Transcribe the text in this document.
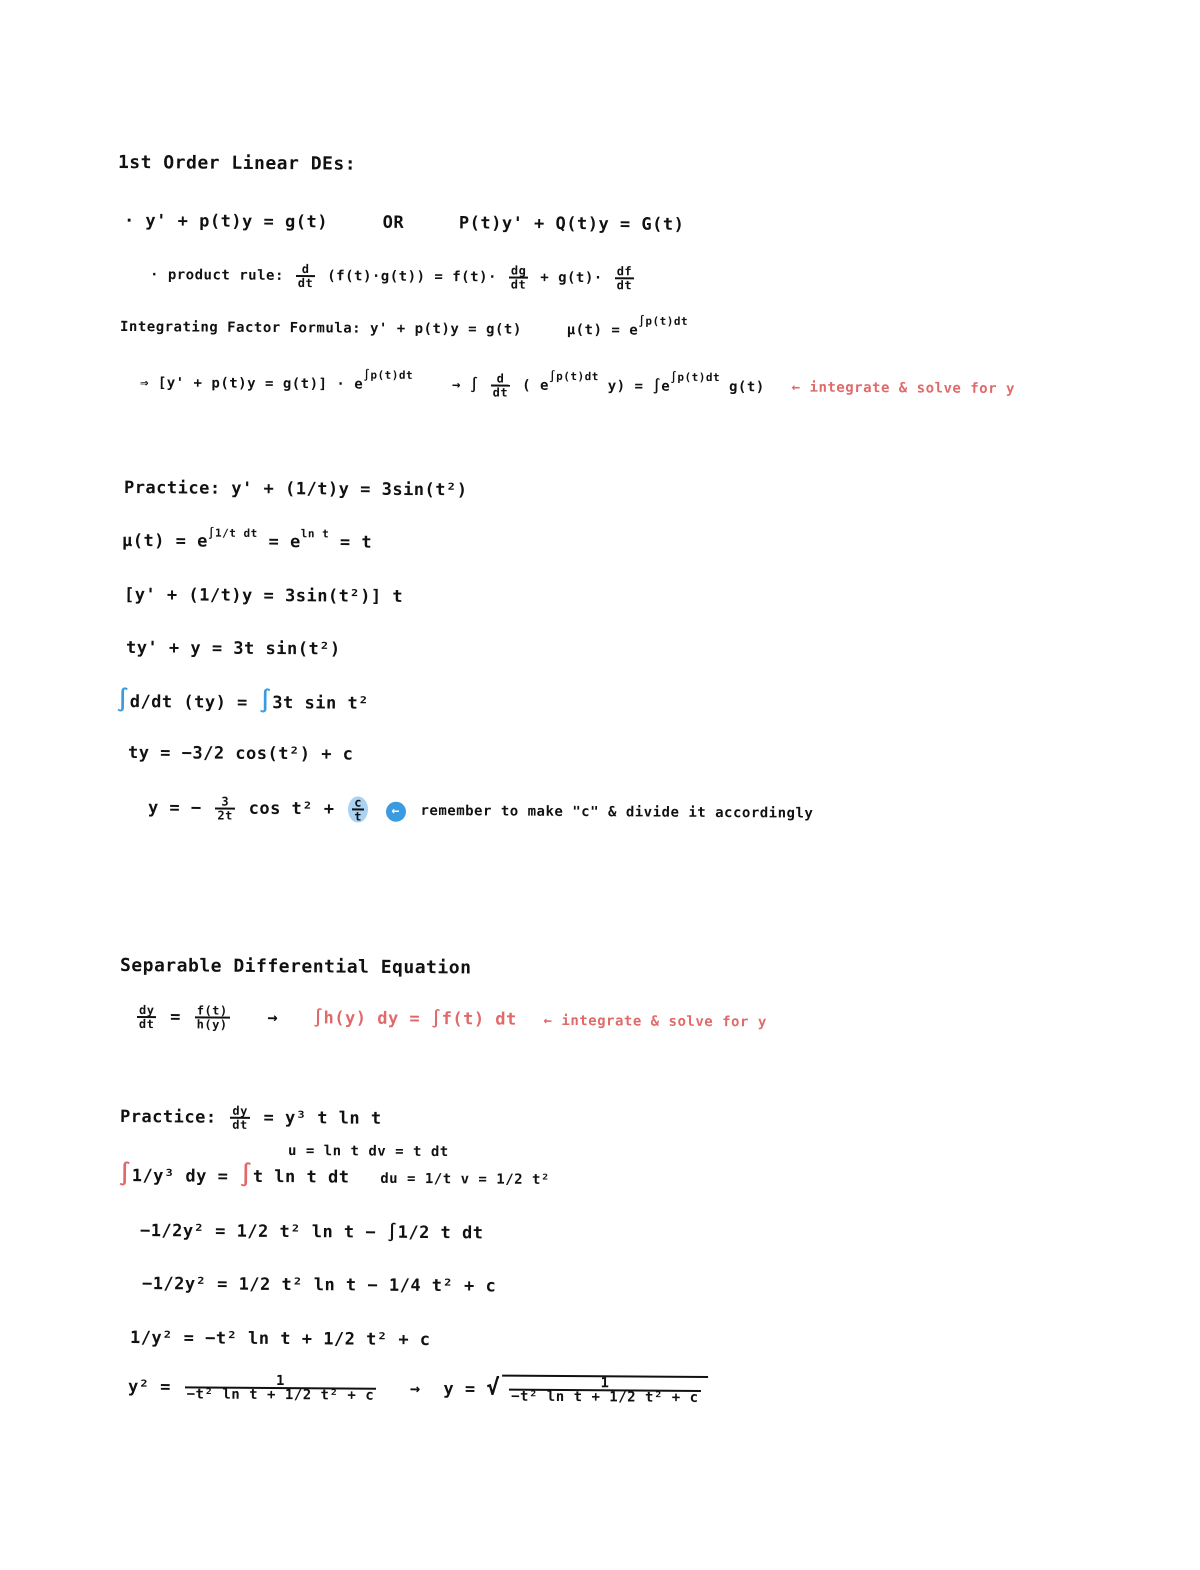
1st Order Linear DEs:
· y' + p(t)y = g(t)	OR	P(t)y' + Q(t)y = G(t)
· product rule: $\frac{d}{dt} (f(t)\cdot g(t)) = f(t)\cdot \frac{dg}{dt} + g(t)\cdot \frac{df}{dt}$
Integrating Factor Formula: y' + p(t)y = g(t)	$\mu(t) = e^{\int p(t)dt}$
⇒ $[y' + p(t)y = g(t)] \cdot e^{\int p(t)dt}$ → ∫ $\frac{d}{dt}$ ( $e^{\int p(t)dt}$ $y) = \int e^{\int p(t)dt}$ g(t) ← integrate & solve for y
Practice: y' + (1/t)y = 3sin(t²)
$\mu(t) = e^{\int 1/t dt} = e^{ln t} = t$
[y' + (1/t)y = 3sin(t²)] t
ty' + y = 3t sin(t²)
∫d/dt (ty) = ∫3t sin t²
ty = −3/2 cos(t²) + c
y = − $\frac{3}{2t}$ $\cos t^2 + \frac{c}{t}$ ← remember to make "c" & divide it accordingly
Separable Differential Equation
$\frac{dy}{dt} = \frac{f(t)}{h(y)} \to \int h(y)$ dy = ∫f(t) dt ← integrate & solve for y
Practice: $\frac{dy}{dt} = y^3$ t ln t
u = ln t dv = t dt
∫1/y³ dy = ∫t ln t dt du = 1/t v = 1/2 t²
−1/2y² = 1/2 t² ln t − ∫1/2 t dt
−1/2y² = 1/2 t² ln t − 1/4 t² + c
1/y² = −t² ln t + 1/2 t² + c
$y^2 = \frac{1}{\text{−t² ln t + 1/2 t² + c}} \to y$ = √ $\frac{1}{\text{−t² ln t + 1/2 t² + c}}$
